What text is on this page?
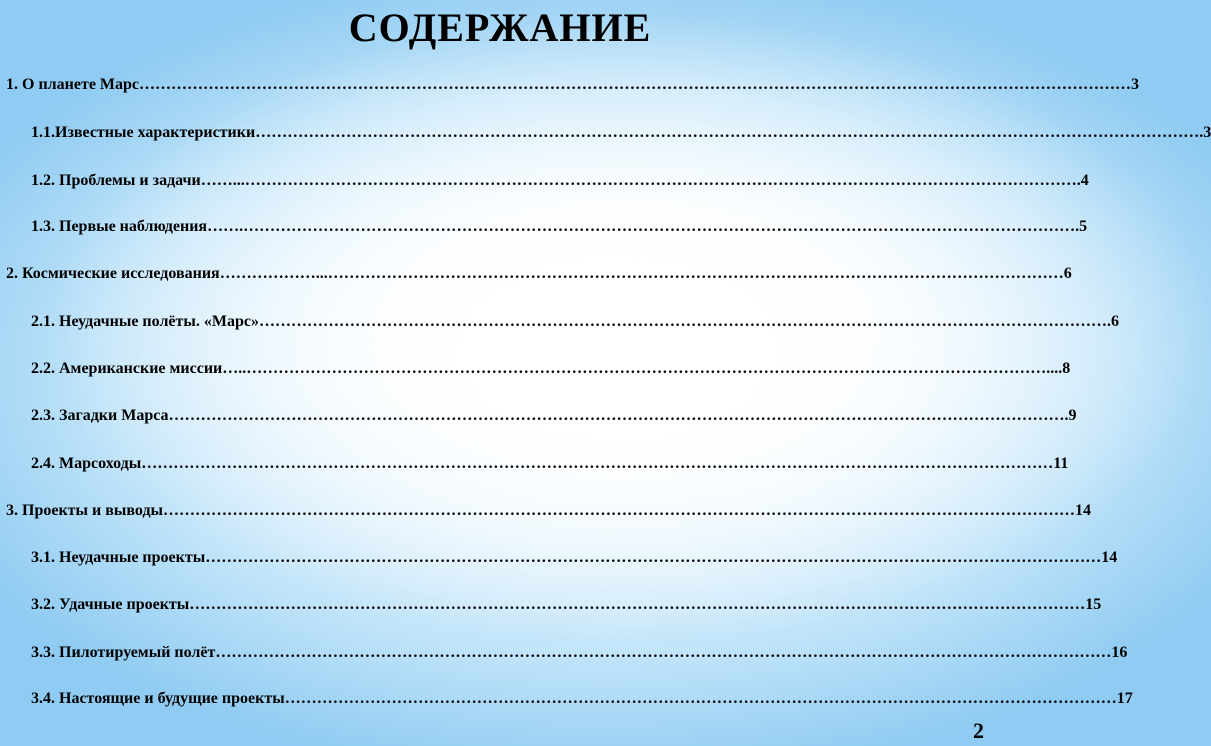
СОДЕРЖАНИЕ
1. О планете Марс …………………………………………………………………………………………………………………………………………………………………… 3
1.1.Известные характеристики …………………………………………………………………………………………………………………………………………………………… .3
1.2. Проблемы и задачи ……...………………………………………………………………………………………………………………………………………… .4
1.3. Первые наблюдения …….………………………………………………………………………………………………………………………………………… .5
2. Космические исследования ………………...………………………………………………………………………………………………………………………… 6
2.1. Неудачные полёты. «Марс» …………………………………………………………………………………………………………………………………………… .6
2.2. Американские миссии …..……………………………………………………………………………………………………………………………………... .8
2.3. Загадки Марса …………………………………………………………………………………………………………………………………………………… .9
2.4. Марсоходы ……………………………………………………………………………………………………………………………………………………… 11
3. Проекты и выводы ……………………………………………………………………………………………………………………………………………………… 14
3.1. Неудачные проекты …………………………………………………………………………………………………………………………………………………… 14
3.2. Удачные проекты …………………………………………………………………………………………………………………………………………………… 15
3.3. Пилотируемый полёт …………………………………………………………………………………………………………………………………………………… 16
3.4. Настоящие и будущие проекты ………………………………………………………………………………………………………………………………………… 17
2
